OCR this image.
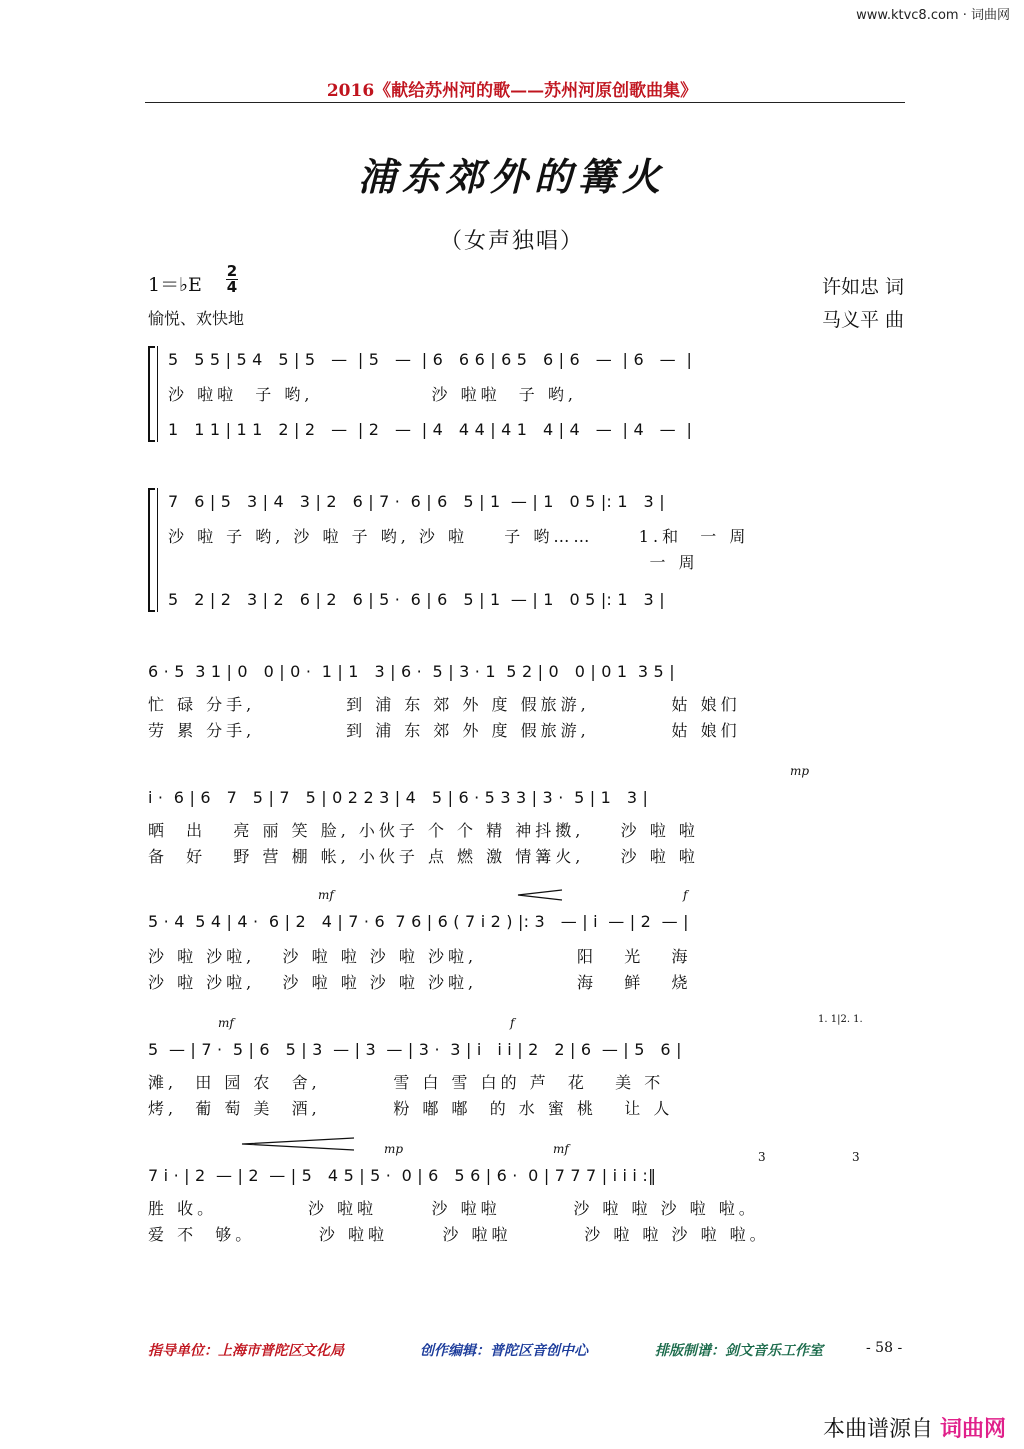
www.ktvc8.com · 词曲网
2016《献给苏州河的歌——苏州河原创歌曲集》
浦东郊外的篝火
（女声独唱）
1＝♭E
2
4
愉悦、欢快地
许如忠 词
马义平 曲
5   5 5 | 5 4   5 | 5   —  | 5   —  | 6   6 6 | 6 5   6 | 6   —  | 6   —  |
沙 啦啦  子 哟,             沙 啦啦  子 哟,
1   1 1 | 1 1   2 | 2   —  | 2   —  | 4   4 4 | 4 1   4 | 4   —  | 4   —  |
7   6 | 5   3 | 4   3 | 2   6 | 7 ·  6 | 6   5 | 1  — | 1   0 5 |: 1   3 |
沙 啦 子 哟, 沙 啦 子 哟, 沙 啦    子 哟……     1.和  一 周
一 周
5   2 | 2   3 | 2   6 | 2   6 | 5 ·  6 | 6   5 | 1  — | 1   0 5 |: 1   3 |
6 · 5  3 1 | 0   0 | 0 ·  1 | 1   3 | 6 ·  5 | 3 · 1  5 2 | 0   0 | 0 1  3 5 |
忙 碌 分手,          到 浦 东 郊 外 度 假旅游,         姑 娘们
劳 累 分手,          到 浦 东 郊 外 度 假旅游,         姑 娘们
mp
i ·  6 | 6   7   5 | 7   5 | 0 2 2 3 | 4   5 | 6 · 5 3 3 | 3 ·  5 | 1   3 |
晒  出   亮 丽 笑 脸, 小伙子 个 个 精 神抖擞,    沙 啦 啦
备  好   野 营 棚 帐, 小伙子 点 燃 激 情篝火,    沙 啦 啦
mf	f
5 · 4  5 4 | 4 ·  6 | 2   4 | 7 · 6  7 6 | 6 ( 7 i 2 ) |: 3   — | i  — | 2  — |
沙 啦 沙啦,   沙 啦 啦 沙 啦 沙啦,           阳   光   海
沙 啦 沙啦,   沙 啦 啦 沙 啦 沙啦,           海   鲜   烧
mf	f	1. 1|2. 1.
5  — | 7 ·  5 | 6   5 | 3  — | 3  — | 3 ·  3 | i   i i | 2   2 | 6  — | 5   6 |
滩,  田 园 农  舍,        雪 白 雪 白的 芦  花   美 不
烤,  葡 萄 美  酒,        粉 嘟 嘟  的 水 蜜 桃   让 人
mp	mf
3	3
7 i · | 2  — | 2  — | 5   4 5 | 5 ·  0 | 6   5 6 | 6 ·  0 | 7 7 7 | i i i :‖
胜 收。          沙 啦啦      沙 啦啦        沙 啦 啦 沙 啦 啦。
爱 不  够。       沙 啦啦      沙 啦啦        沙 啦 啦 沙 啦 啦。
指导单位：上海市普陀区文化局	创作编辑：普陀区音创中心	排版制谱：剑文音乐工作室	- 58 -
本曲谱源自 词曲网
